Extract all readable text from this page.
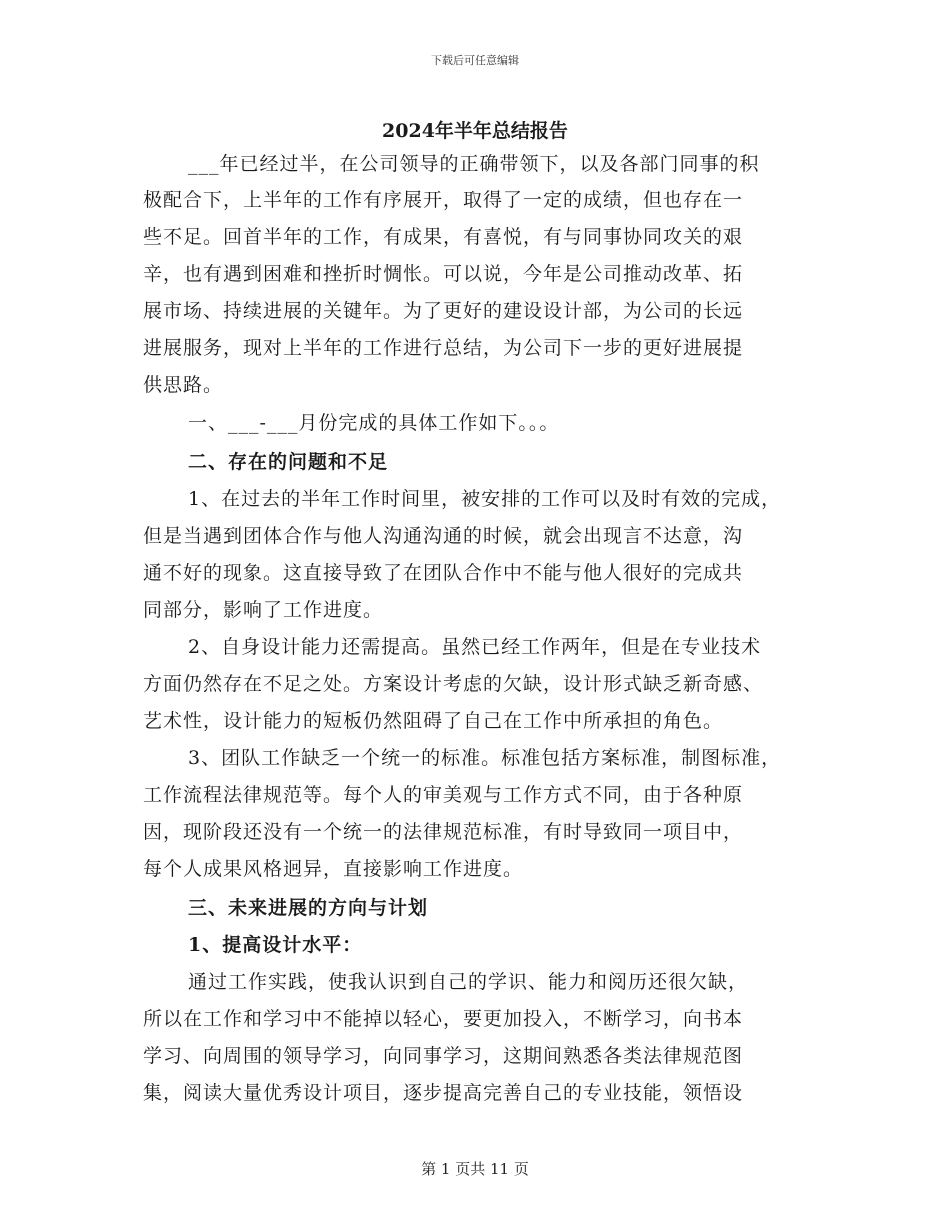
下载后可任意编辑
2024年半年总结报告
___年已经过半，在公司领导的正确带领下，以及各部门同事的积
极配合下，上半年的工作有序展开，取得了一定的成绩，但也存在一
些不足。回首半年的工作，有成果，有喜悦，有与同事协同攻关的艰
辛，也有遇到困难和挫折时惆怅。可以说，今年是公司推动改革、拓
展市场、持续进展的关键年。为了更好的建设设计部，为公司的长远
进展服务，现对上半年的工作进行总结，为公司下一步的更好进展提
供思路。
一、___-___月份完成的具体工作如下。。。
二、存在的问题和不足
1、在过去的半年工作时间里，被安排的工作可以及时有效的完成，
但是当遇到团体合作与他人沟通沟通的时候，就会出现言不达意，沟
通不好的现象。这直接导致了在团队合作中不能与他人很好的完成共
同部分，影响了工作进度。
2、自身设计能力还需提高。虽然已经工作两年，但是在专业技术
方面仍然存在不足之处。方案设计考虑的欠缺，设计形式缺乏新奇感、
艺术性，设计能力的短板仍然阻碍了自己在工作中所承担的角色。
3、团队工作缺乏一个统一的标准。标准包括方案标准，制图标准，
工作流程法律规范等。每个人的审美观与工作方式不同，由于各种原
因，现阶段还没有一个统一的法律规范标准，有时导致同一项目中，
每个人成果风格迥异，直接影响工作进度。
三、未来进展的方向与计划
1、提高设计水平：
通过工作实践，使我认识到自己的学识、能力和阅历还很欠缺，
所以在工作和学习中不能掉以轻心，要更加投入，不断学习，向书本
学习、向周围的领导学习，向同事学习，这期间熟悉各类法律规范图
集，阅读大量优秀设计项目，逐步提高完善自己的专业技能，领悟设
第 1 页共 11 页
